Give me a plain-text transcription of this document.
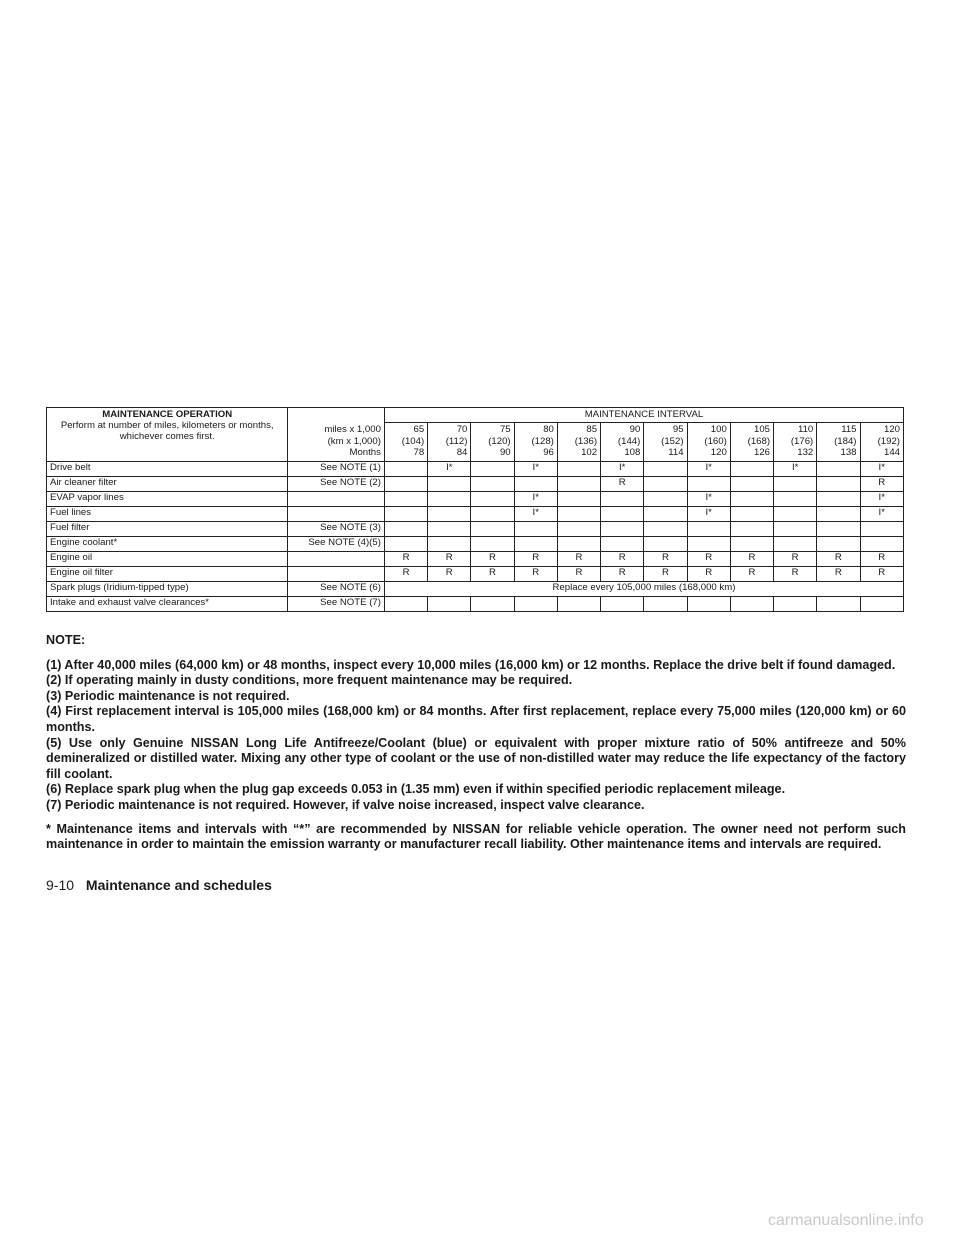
MAINTENANCE OPERATION
Perform at number of miles, kilometers or months, whichever comes first.	miles x 1,000
(km x 1,000)
Months	MAINTENANCE INTERVAL											

		65
(104)
78	70
(112)
84	75
(120)
90	80
(128)
96	85
(136)
102	90
(144)
108	95
(152)
114	100
(160)
120	105
(168)
126	110
(176)
132	115
(184)
138	120
(192)
144

Drive belt	See NOTE (1)		I*		I*		I*		I*		I*		I*
Air cleaner filter	See NOTE (2)						R						R
EVAP vapor lines					I*				I*				I*
Fuel lines					I*				I*				I*
Fuel filter	See NOTE (3)												
Engine coolant*	See NOTE (4)(5)												
Engine oil		R	R	R	R	R	R	R	R	R	R	R	R
Engine oil filter		R	R	R	R	R	R	R	R	R	R	R	R
Spark plugs (Iridium-tipped type)	See NOTE (6)	Replace every 105,000 miles (168,000 km)											
Intake and exhaust valve clearances*	See NOTE (7)												

NOTE:

(1) After 40,000 miles (64,000 km) or 48 months, inspect every 10,000 miles (16,000 km) or 12 months. Replace the drive belt if found damaged.

(2) If operating mainly in dusty conditions, more frequent maintenance may be required.

(3) Periodic maintenance is not required.

(4) First replacement interval is 105,000 miles (168,000 km) or 84 months. After first replacement, replace every 75,000 miles (120,000 km) or 60 months.

(5) Use only Genuine NISSAN Long Life Antifreeze/Coolant (blue) or equivalent with proper mixture ratio of 50% antifreeze and 50% demineralized or distilled water. Mixing any other type of coolant or the use of non-distilled water may reduce the life expectancy of the factory fill coolant.

(6) Replace spark plug when the plug gap exceeds 0.053 in (1.35 mm) even if within specified periodic replacement mileage.

(7) Periodic maintenance is not required. However, if valve noise increased, inspect valve clearance.

* Maintenance items and intervals with “*” are recommended by NISSAN for reliable vehicle operation. The owner need not perform such maintenance in order to maintain the emission warranty or manufacturer recall liability. Other maintenance items and intervals are required.

9-10 Maintenance and schedules
carmanualsonline.info
